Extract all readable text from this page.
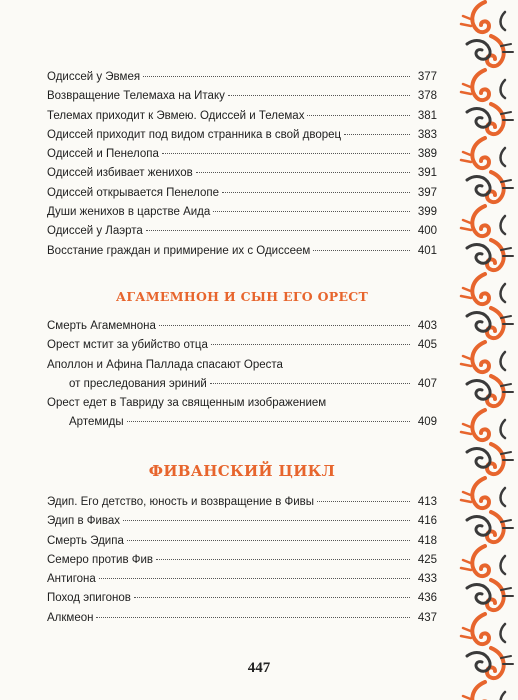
Одиссей у Эвмея	377
Возвращение Телемаха на Итаку	378
Телемах приходит к Эвмею. Одиссей и Телемах	381
Одиссей приходит под видом странника в свой дворец	383
Одиссей и Пенелопа	389
Одиссей избивает женихов	391
Одиссей открывается Пенелопе	397
Души женихов в царстве Аида	399
Одиссей у Лаэрта	400
Восстание граждан и примирение их с Одиссеем	401
АГАМЕМНОН И СЫН ЕГО ОРЕСТ
Смерть Агамемнона	403
Орест мстит за убийство отца	405
Аполлон и Афина Паллада спасают Ореста
от преследования эриний	407
Орест едет в Тавриду за священным изображением
Артемиды	409
ФИВАНСКИЙ ЦИКЛ
Эдип. Его детство, юность и возвращение в Фивы	413
Эдип в Фивах	416
Смерть Эдипа	418
Семеро против Фив	425
Антигона	433
Поход эпигонов	436
Алкмеон	437
447
